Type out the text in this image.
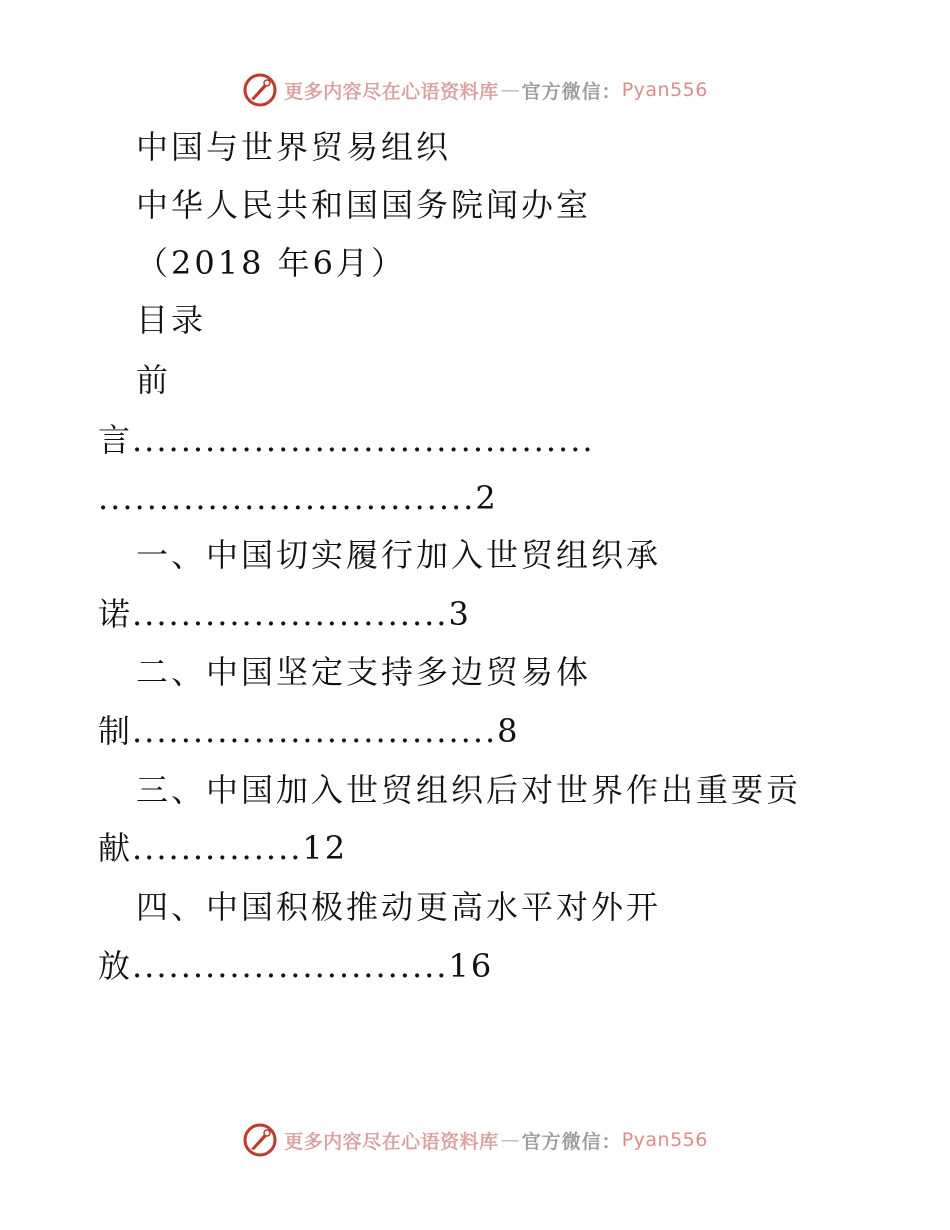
更多内容尽在心语资料库 — 官方微信： Pyan556
中国与世界贸易组织
中华人民共和国国务院闻办室
（2018 年6月）
目录
前
言......................................
...............................2
一、中国切实履行加入世贸组织承
诺..........................3
二、中国坚定支持多边贸易体
制..............................8
三、中国加入世贸组织后对世界作出重要贡
献..............12
四、中国积极推动更高水平对外开
放..........................16
更多内容尽在心语资料库 — 官方微信： Pyan556
